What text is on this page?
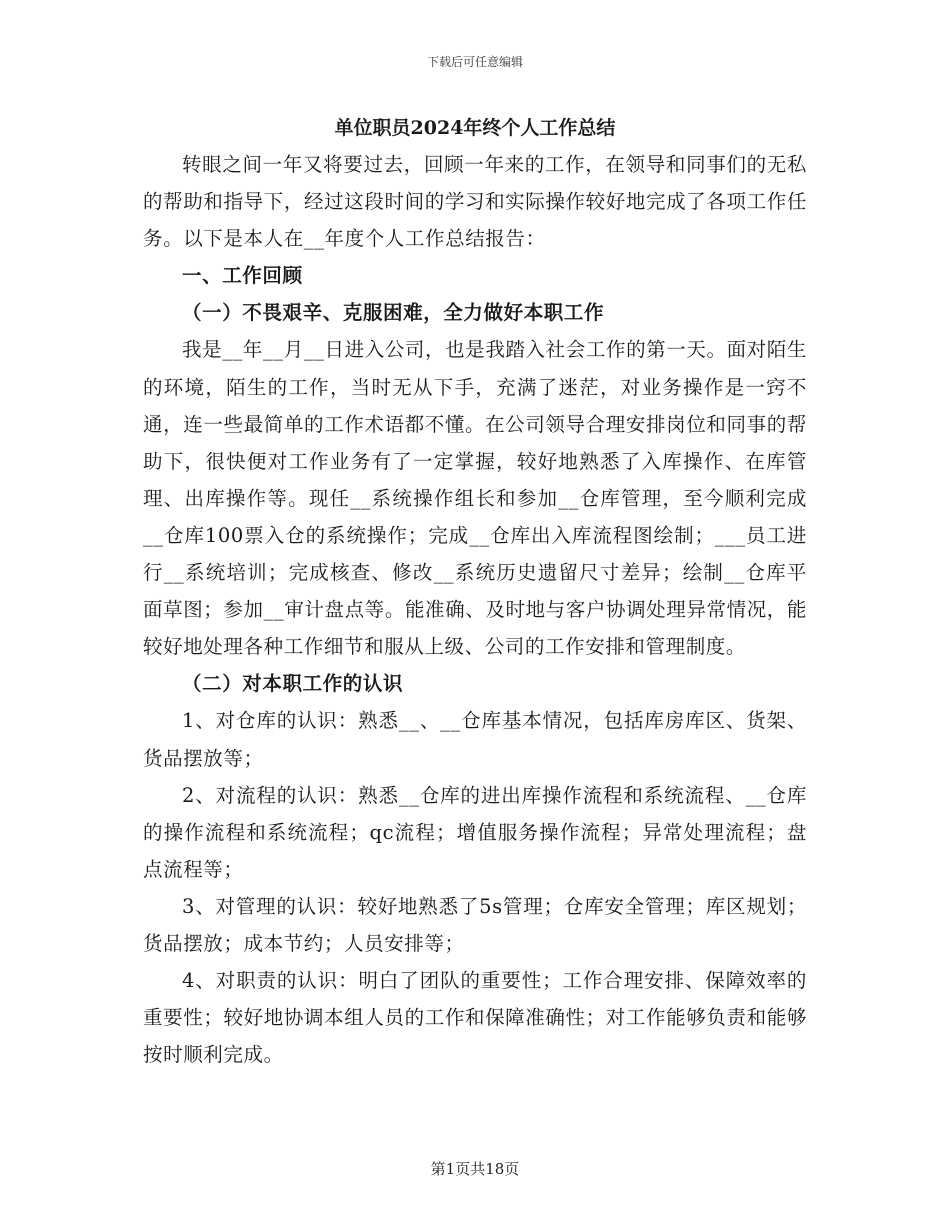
下载后可任意编辑
单位职员2024年终个人工作总结

转眼之间一年又将要过去，回顾一年来的工作，在领导和同事们的无私的帮助和指导下，经过这段时间的学习和实际操作较好地完成了各项工作任务。以下是本人在__年度个人工作总结报告：

一、工作回顾

（一）不畏艰辛、克服困难，全力做好本职工作

我是__年__月__日进入公司，也是我踏入社会工作的第一天。面对陌生的环境，陌生的工作，当时无从下手，充满了迷茫，对业务操作是一窍不通，连一些最简单的工作术语都不懂。在公司领导合理安排岗位和同事的帮助下，很快便对工作业务有了一定掌握，较好地熟悉了入库操作、在库管理、出库操作等。现任__系统操作组长和参加__仓库管理，至今顺利完成__仓库100票入仓的系统操作；完成__仓库出入库流程图绘制；___员工进行__系统培训；完成核查、修改__系统历史遗留尺寸差异；绘制__仓库平面草图；参加__审计盘点等。能准确、及时地与客户协调处理异常情况，能较好地处理各种工作细节和服从上级、公司的工作安排和管理制度。

（二）对本职工作的认识

1、对仓库的认识：熟悉__、__仓库基本情况，包括库房库区、货架、货品摆放等；

2、对流程的认识：熟悉__仓库的进出库操作流程和系统流程、__仓库的操作流程和系统流程；qc流程；增值服务操作流程；异常处理流程；盘点流程等；

3、对管理的认识：较好地熟悉了5s管理；仓库安全管理；库区规划；货品摆放；成本节约；人员安排等；

4、对职责的认识：明白了团队的重要性；工作合理安排、保障效率的重要性；较好地协调本组人员的工作和保障准确性；对工作能够负责和能够按时顺利完成。

第1页共18页
